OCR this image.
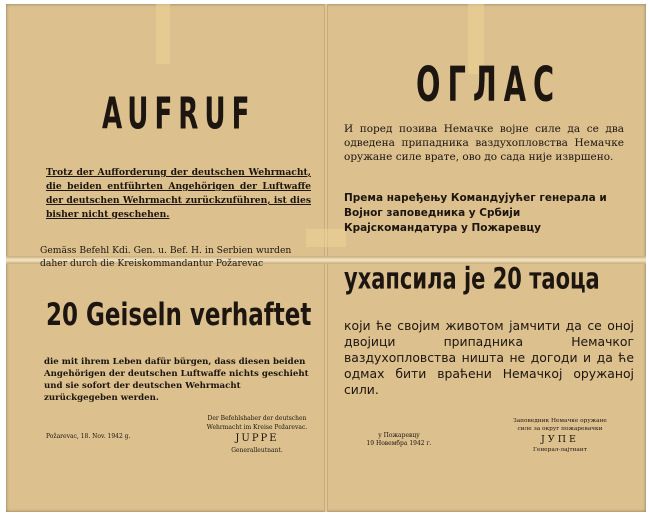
AUFRUF
Trotz der Aufforderung der deutschen Wehrmacht, die beiden entführten Angehörigen der Luftwaffe der deutschen Wehrmacht zurückzuführen, ist dies bisher nicht geschehen.
Gemäss Befehl Kdi. Gen. u. Bef. H. in Serbien wurden daher durch die Kreiskommandantur Požarevac
20 Geiseln verhaftet
die mit ihrem Leben dafür bürgen, dass diesen beiden Angehörigen der deutschen Luftwaffe nichts geschieht und sie sofort der deutschen Wehrmacht zurückgegeben werden.
Požarevac, 18. Nov. 1942 g.
Der Befehlshaber der deutschen
Wehrmacht im Kreise Požarevac.
JUPPE
Generalleutnant.
ОГЛАС
И поред позива Немачке војне силе да се два одведена припадника ваздухопловства Немачке оружане силе врате, ово до сада није извршено.
Према наређењу Командујућег генерала и Војног заповедника у Србији Крајскомандатура у Пожаревцу
ухапсила је 20 таоца
који ће својим животом јамчити да се оној двојици припадника Немачког ваздухопловства ништа не догоди и да ће одмах бити враћени Немачкој оружаној сили.
у Пожаревцу
19 Новембра 1942 г.
Заповедник Немачке оружане
силе за округ пожаревачки
ЈУПЕ
Генерал-лајтнант
